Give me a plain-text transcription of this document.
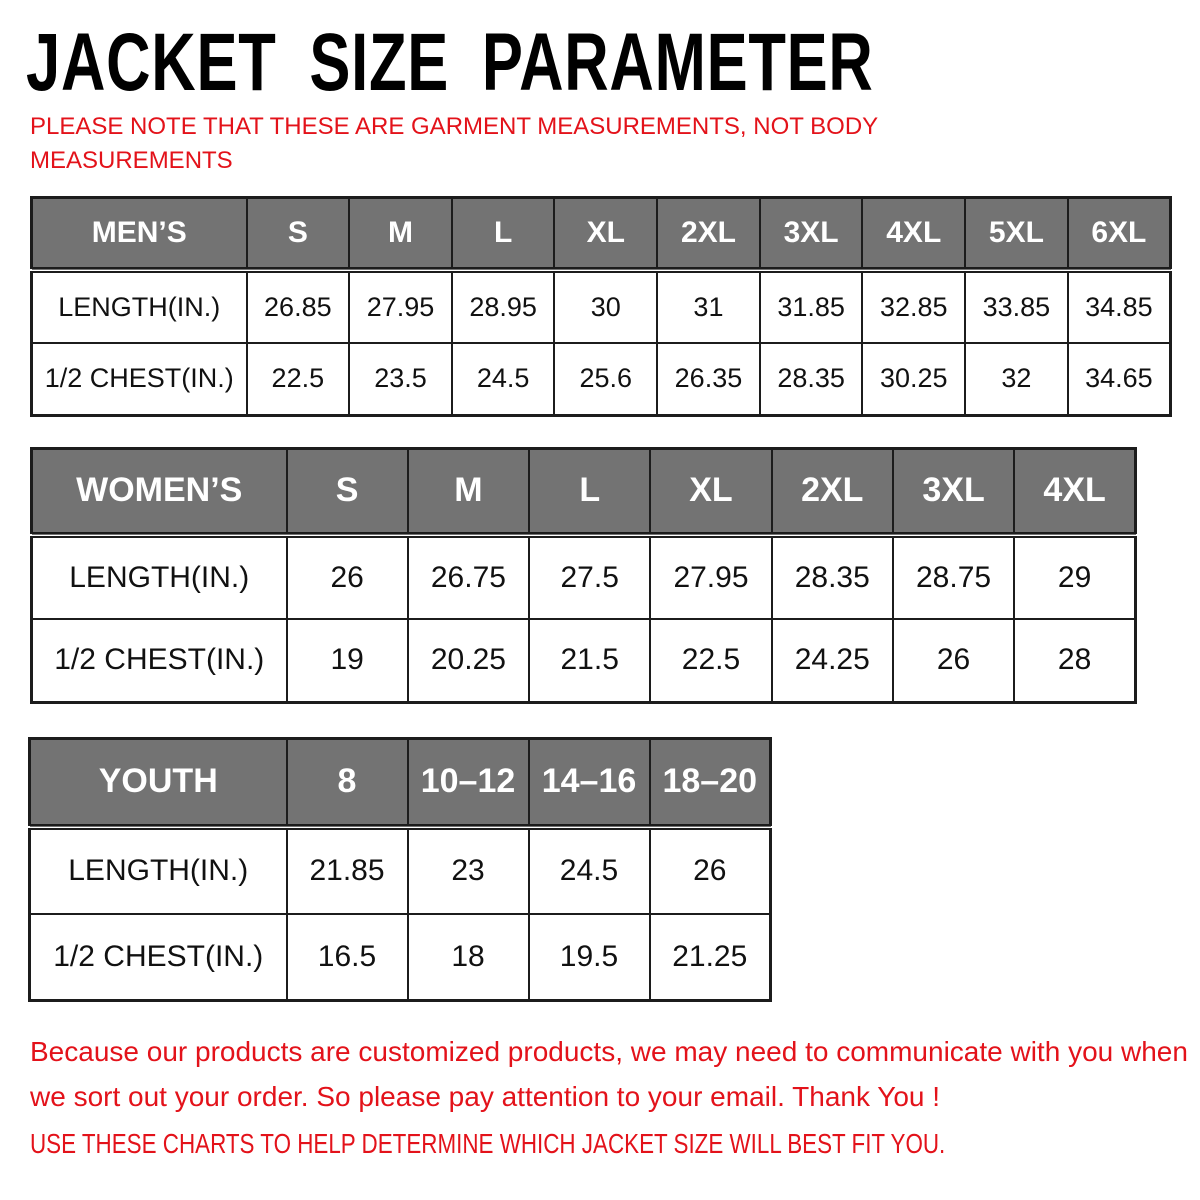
JACKET SIZE PARAMETER
PLEASE NOTE THAT THESE ARE GARMENT MEASUREMENTS, NOT BODY MEASUREMENTS
MEN’S	S	M	L	XL	2XL	3XL	4XL	5XL	6XL
LENGTH(IN.)	26.85	27.95	28.95	30	31	31.85	32.85	33.85	34.85
1/2 CHEST(IN.)	22.5	23.5	24.5	25.6	26.35	28.35	30.25	32	34.65
WOMEN’S	S	M	L	XL	2XL	3XL	4XL
LENGTH(IN.)	26	26.75	27.5	27.95	28.35	28.75	29
1/2 CHEST(IN.)	19	20.25	21.5	22.5	24.25	26	28
YOUTH	8	10–12	14–16	18–20
LENGTH(IN.)	21.85	23	24.5	26
1/2 CHEST(IN.)	16.5	18	19.5	21.25
Because our products are customized products, we may need to communicate with you when we sort out your order. So please pay attention to your email. Thank You !
USE THESE CHARTS TO HELP DETERMINE WHICH JACKET SIZE WILL BEST FIT YOU.
